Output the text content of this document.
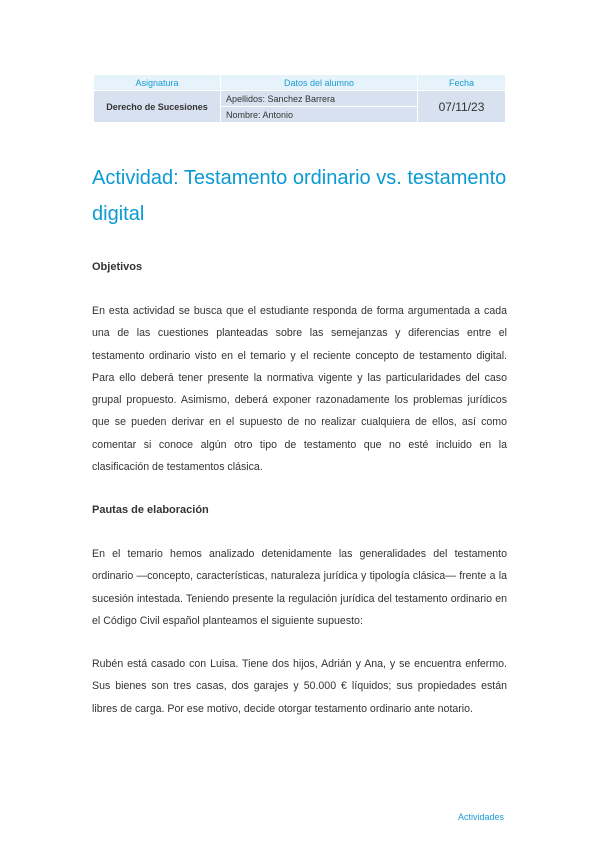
Asignatura	Datos del alumno	Fecha
Derecho de Sucesiones	Apellidos: Sanchez Barrera	07/11/23
	Nombre: Antonio	
Actividad: Testamento ordinario vs. testamento digital
Objetivos
En esta actividad se busca que el estudiante responda de forma argumentada a cada una de las cuestiones planteadas sobre las semejanzas y diferencias entre el testamento ordinario visto en el temario y el reciente concepto de testamento digital. Para ello deberá tener presente la normativa vigente y las particularidades del caso grupal propuesto. Asimismo, deberá exponer razonadamente los problemas jurídicos que se pueden derivar en el supuesto de no realizar cualquiera de ellos, así como comentar si conoce algún otro tipo de testamento que no esté incluido en la clasificación de testamentos clásica.
Pautas de elaboración
En el temario hemos analizado detenidamente las generalidades del testamento ordinario —concepto, características, naturaleza jurídica y tipología clásica— frente a la sucesión intestada. Teniendo presente la regulación jurídica del testamento ordinario en el Código Civil español planteamos el siguiente supuesto:
Rubén está casado con Luisa. Tiene dos hijos, Adrián y Ana, y se encuentra enfermo. Sus bienes son tres casas, dos garajes y 50.000 € líquidos; sus propiedades están libres de carga. Por ese motivo, decide otorgar testamento ordinario ante notario.
Actividades
